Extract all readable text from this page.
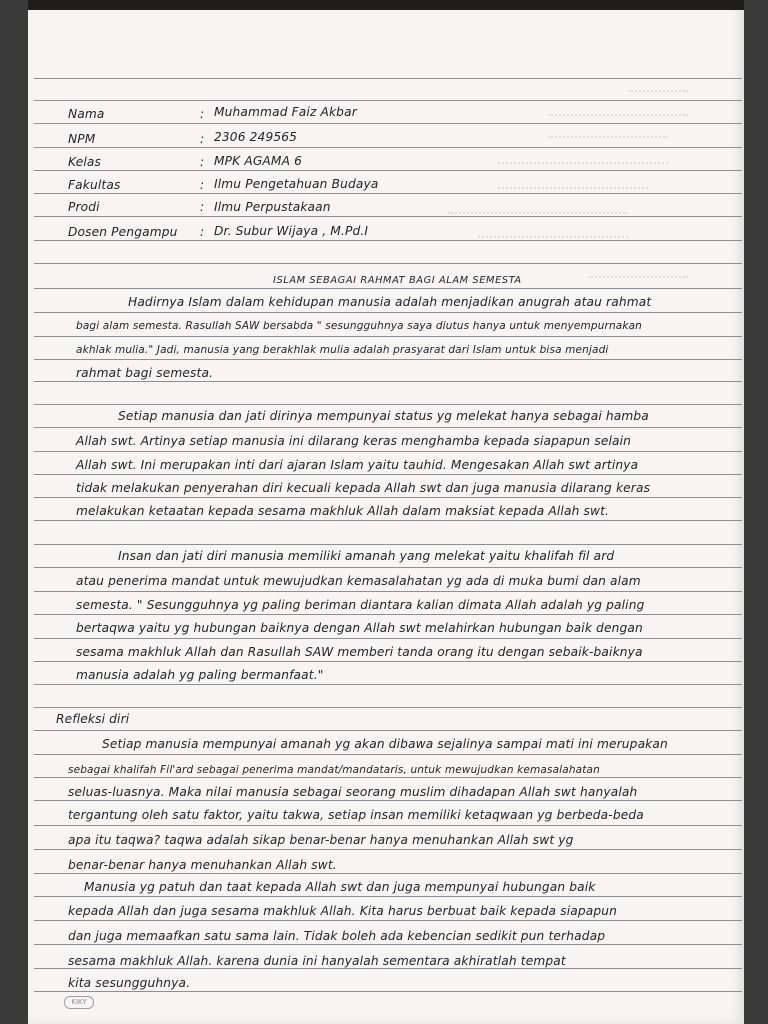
Nama	: Muhammad Faiz Akbar

NPM	: 2306 249565

Kelas	: MPK AGAMA 6

Fakultas	: Ilmu Pengetahuan Budaya

Prodi	: Ilmu Perpustakaan

Dosen Pengampu : Dr. Subur Wijaya , M.Pd.I

ISLAM SEBAGAI RAHMAT BAGI ALAM SEMESTA

Hadirnya Islam dalam kehidupan manusia adalah menjadikan anugrah atau rahmat

bagi alam semesta. Rasullah SAW bersabda " sesungguhnya saya diutus hanya untuk menyempurnakan

akhlak mulia." Jadi, manusia yang berakhlak mulia adalah prasyarat dari Islam untuk bisa menjadi

rahmat bagi semesta.

Setiap manusia dan jati dirinya mempunyai status yg melekat hanya sebagai hamba

Allah swt. Artinya setiap manusia ini dilarang keras menghamba kepada siapapun selain

Allah swt. Ini merupakan inti dari ajaran Islam yaitu tauhid. Mengesakan Allah swt artinya

tidak melakukan penyerahan diri kecuali kepada Allah swt dan juga manusia dilarang keras

melakukan ketaatan kepada sesama makhluk Allah dalam maksiat kepada Allah swt.

Insan dan jati diri manusia memiliki amanah yang melekat yaitu khalifah fil ard

atau penerima mandat untuk mewujudkan kemasalahatan yg ada di muka bumi dan alam

semesta. " Sesungguhnya yg paling beriman diantara kalian dimata Allah adalah yg paling

bertaqwa yaitu yg hubungan baiknya dengan Allah swt melahirkan hubungan baik dengan

sesama makhluk Allah dan Rasullah SAW memberi tanda orang itu dengan sebaik-baiknya

manusia adalah yg paling bermanfaat."

Refleksi diri

Setiap manusia mempunyai amanah yg akan dibawa sejalinya sampai mati ini merupakan

sebagai khalifah Fil'ard sebagai penerima mandat/mandataris, untuk mewujudkan kemasalahatan

seluas-luasnya. Maka nilai manusia sebagai seorang muslim dihadapan Allah swt hanyalah

tergantung oleh satu faktor, yaitu takwa, setiap insan memiliki ketaqwaan yg berbeda-beda

apa itu taqwa? taqwa adalah sikap benar-benar hanya menuhankan Allah swt yg

benar-benar hanya menuhankan Allah swt.

Manusia yg patuh dan taat kepada Allah swt dan juga mempunyai hubungan baik

kepada Allah dan juga sesama makhluk Allah. Kita harus berbuat baik kepada siapapun

dan juga memaafkan satu sama lain. Tidak boleh ada kebencian sedikit pun terhadap

sesama makhluk Allah. karena dunia ini hanyalah sementara akhiratlah tempat

kita sesungguhnya.

KIKY
